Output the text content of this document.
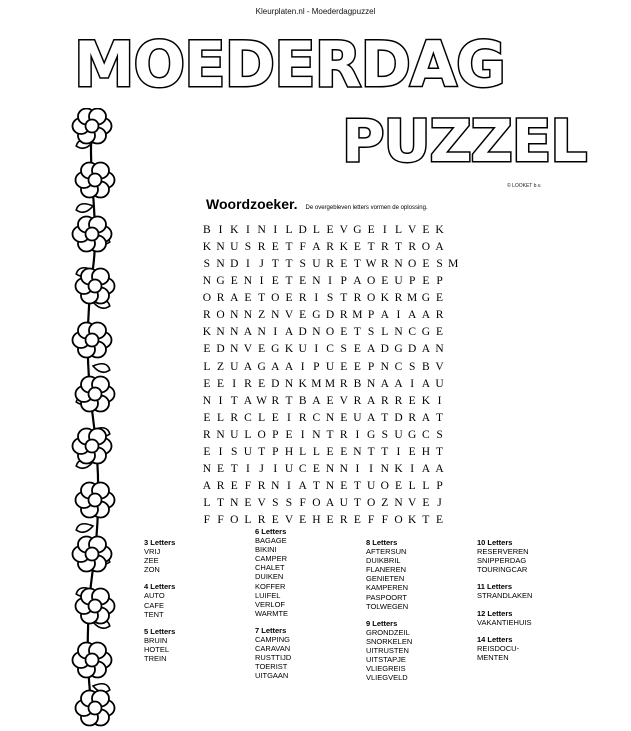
Kleurplaten.nl - Moederdagpuzzel
MOEDERDAG
PUZZEL
© LOOKET b.v.
Woordzoeker. De overgebleven letters vormen de oplossing.
B I K I N I L D L E V G E I L V E K
K N U S R E T F A R K E T R T R O A
S N D I J T T S U R E T W R N O E S M
N G E N I E T E N I P A O E U P E P
O R A E T O E R I S T R O K R M G E
R O N N Z N V E G D R M P A I A A R
K N N A N I A D N O E T S L N C G E
E D N V E G K U I C S E A D G D A N
L Z U A G A A I P U E E P N C S B V
E E I R E D N K M M R B N A A I A U
N I T A W R T B A E V R A R R E K I
E L R C L E I R C N E U A T D R A T
R N U L O P E I N T R I G S U G C S
E I S U T P H L L E E N T T I E H T
N E T I J I U C E N N I I N K I A A
A R E F R N I A T N E T U O E L L P
L T N E V S S F O A U T O Z N V E J
F F O L R E V E H E R E F F O K T E
3 Letters
VRIJ
ZEE
ZON
4 Letters
AUTO
CAFE
TENT
5 Letters
BRUIN
HOTEL
TREIN
6 Letters
BAGAGE
BIKINI
CAMPER
CHALET
DUIKEN
KOFFER
LUIFEL
VERLOF
WARMTE
7 Letters
CAMPING
CARAVAN
RUSTTIJD
TOERIST
UITGAAN
8 Letters
AFTERSUN
DUIKBRIL
FLANEREN
GENIETEN
KAMPEREN
PASPOORT
TOLWEGEN
9 Letters
GRONDZEIL
SNORKELEN
UITRUSTEN
UITSTAPJE
VLIEGREIS
VLIEGVELD
10 Letters
RESERVEREN
SNIPPERDAG
TOURINGCAR
11 Letters
STRANDLAKEN
12 Letters
VAKANTIEHUIS
14 Letters
REISDOCU-
MENTEN
